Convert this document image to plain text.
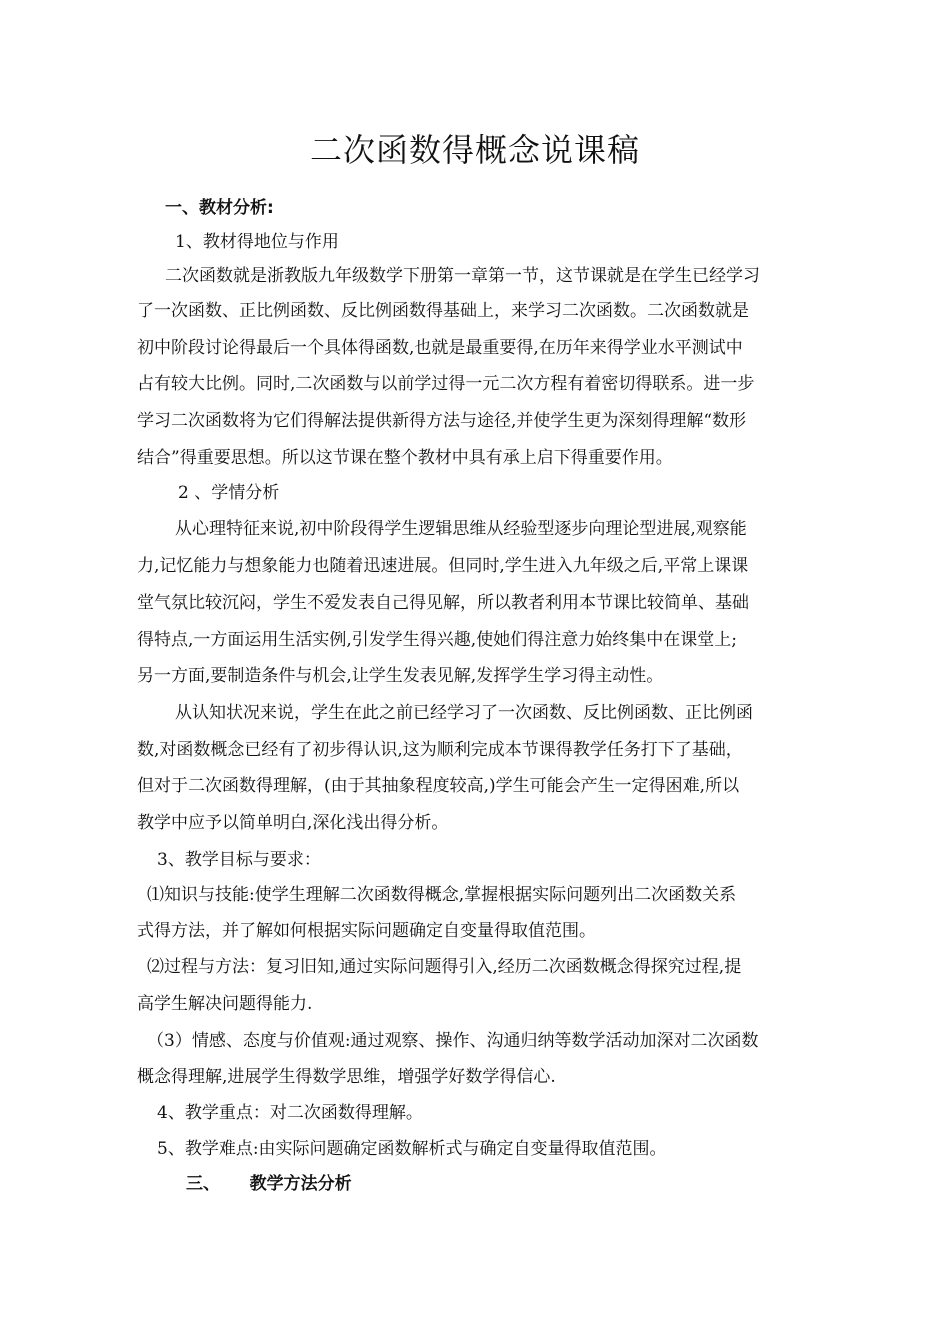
二次函数得概念说课稿
一、教材分析:
1、教材得地位与作用
二次函数就是浙教版九年级数学下册第一章第一节，这节课就是在学生已经学习
了一次函数、正比例函数、反比例函数得基础上，来学习二次函数。二次函数就是
初中阶段讨论得最后一个具体得函数,也就是最重要得,在历年来得学业水平测试中
占有较大比例。同时,二次函数与以前学过得一元二次方程有着密切得联系。进一步
学习二次函数将为它们得解法提供新得方法与途径,并使学生更为深刻得理解“数形
结合”得重要思想。所以这节课在整个教材中具有承上启下得重要作用。
2 、学情分析
从心理特征来说,初中阶段得学生逻辑思维从经验型逐步向理论型进展,观察能
力,记忆能力与想象能力也随着迅速进展。但同时,学生进入九年级之后,平常上课课
堂气氛比较沉闷，学生不爱发表自己得见解，所以教者利用本节课比较简单、基础
得特点,一方面运用生活实例,引发学生得兴趣,使她们得注意力始终集中在课堂上;
另一方面,要制造条件与机会,让学生发表见解,发挥学生学习得主动性。
从认知状况来说，学生在此之前已经学习了一次函数、反比例函数、正比例函
数,对函数概念已经有了初步得认识,这为顺利完成本节课得教学任务打下了基础，
但对于二次函数得理解，(由于其抽象程度较高,)学生可能会产生一定得困难,所以
教学中应予以简单明白,深化浅出得分析。
3、教学目标与要求：
⑴知识与技能:使学生理解二次函数得概念,掌握根据实际问题列出二次函数关系
式得方法，并了解如何根据实际问题确定自变量得取值范围。
⑵过程与方法：复习旧知,通过实际问题得引入,经历二次函数概念得探究过程,提
高学生解决问题得能力.
（3）情感、态度与价值观:通过观察、操作、沟通归纳等数学活动加深对二次函数
概念得理解,进展学生得数学思维，增强学好数学得信心.
4、教学重点：对二次函数得理解。
5、教学难点:由实际问题确定函数解析式与确定自变量得取值范围。
三、     教学方法分析
